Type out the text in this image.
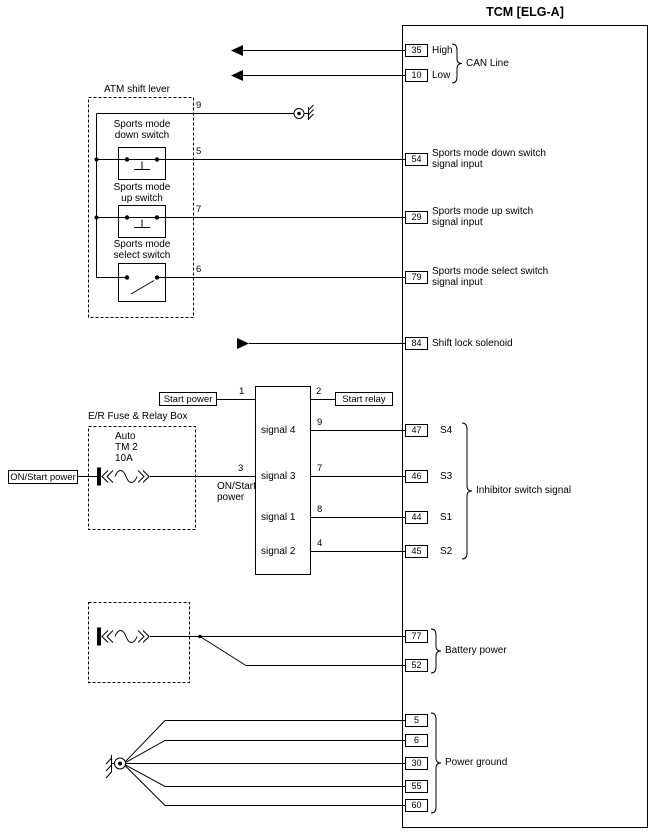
TCM [ELG-A]
35
10
54
29
79
84
47
46
44
45
77
52
5
6
30
55
60
High
Low
CAN Line
ATM shift lever
9
Sports mode
down switch
5
Sports mode
up switch
7
Sports mode
select switch
6
Sports mode down switch
signal input
Sports mode up switch
signal input
Sports mode select switch
signal input
Shift lock solenoid
S4
S3
S1
S2
Inhibitor switch signal
Battery power
Power ground
Start power
1	2
Start relay
signal 4
signal 3
signal 1
signal 2
9
7
8
4
E/R Fuse & Relay Box
Auto
TM 2
10A
ON/Start power
3
ON/Start
power
